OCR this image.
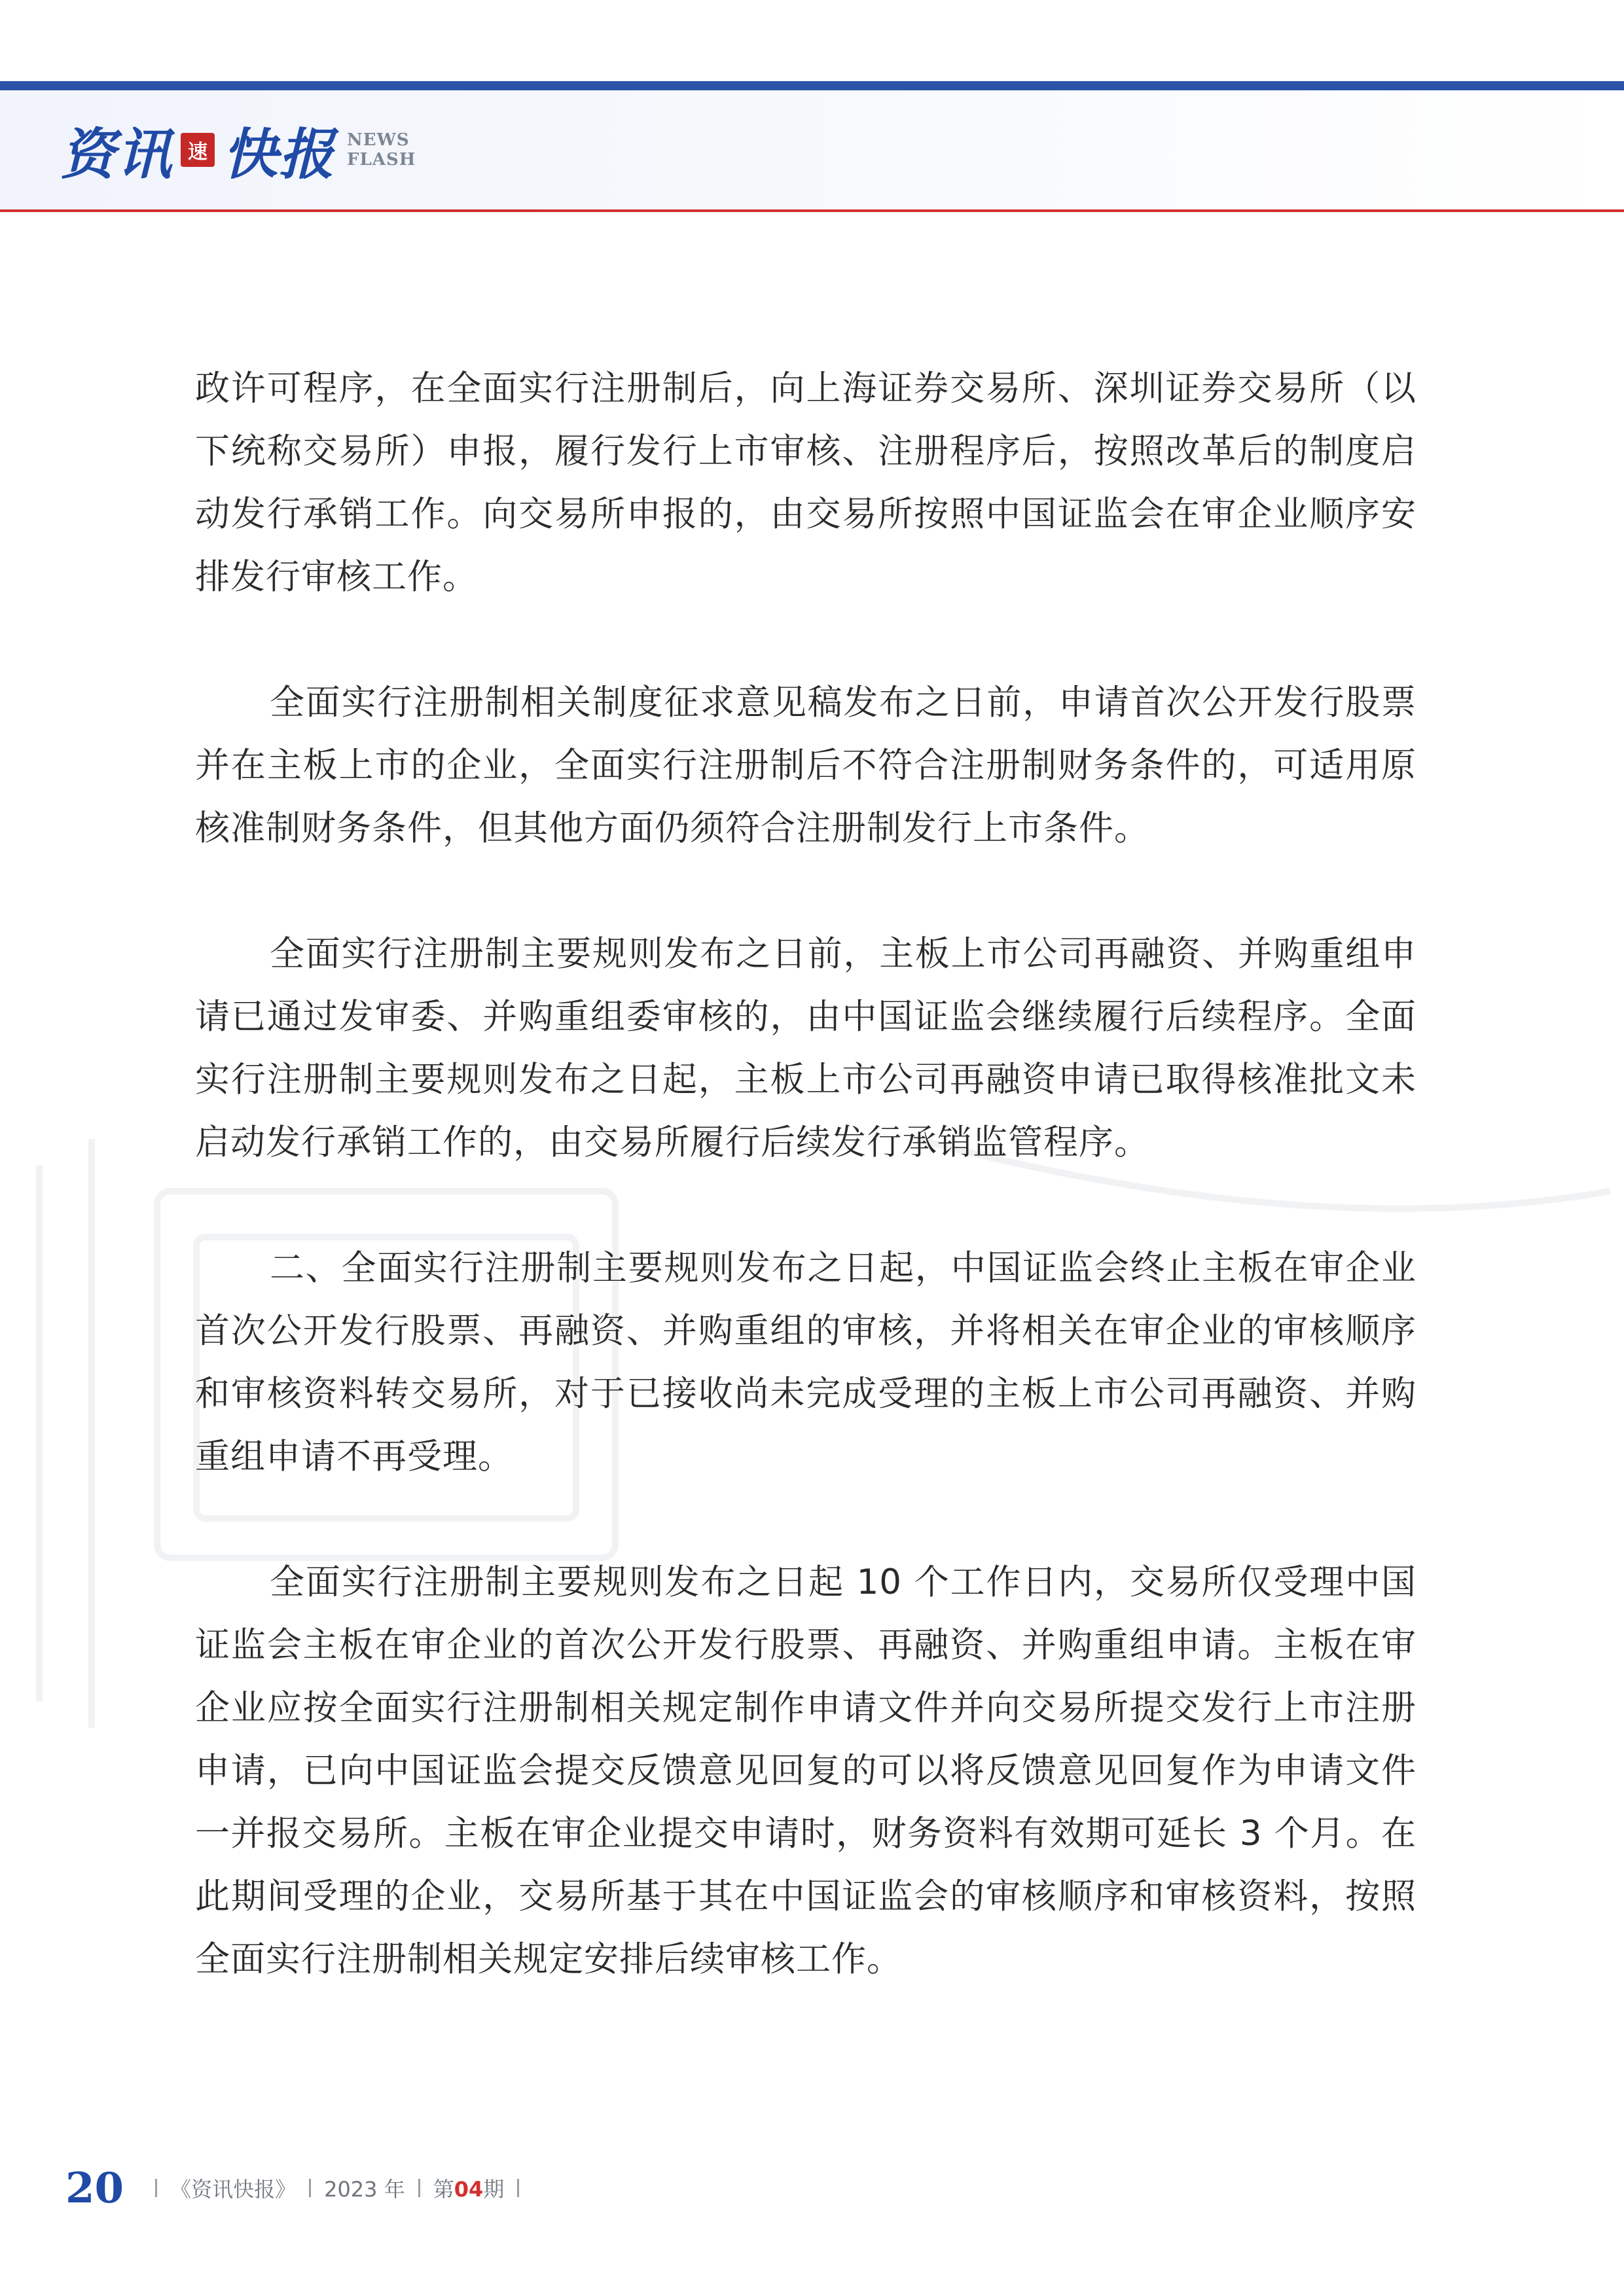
资讯 速 快报 NEWS
FLASH

政许可程序，在全面实行注册制后，向上海证券交易所、深圳证券交易所（以下统称交易所）申报，履行发行上市审核、注册程序后，按照改革后的制度启动发行承销工作。向交易所申报的，由交易所按照中国证监会在审企业顺序安排发行审核工作。

全面实行注册制相关制度征求意见稿发布之日前，申请首次公开发行股票并在主板上市的企业，全面实行注册制后不符合注册制财务条件的，可适用原核准制财务条件，但其他方面仍须符合注册制发行上市条件。

全面实行注册制主要规则发布之日前，主板上市公司再融资、并购重组申请已通过发审委、并购重组委审核的，由中国证监会继续履行后续程序。全面实行注册制主要规则发布之日起，主板上市公司再融资申请已取得核准批文未启动发行承销工作的，由交易所履行后续发行承销监管程序。

二、全面实行注册制主要规则发布之日起，中国证监会终止主板在审企业首次公开发行股票、再融资、并购重组的审核，并将相关在审企业的审核顺序和审核资料转交易所，对于已接收尚未完成受理的主板上市公司再融资、并购重组申请不再受理。

全面实行注册制主要规则发布之日起 10 个工作日内，交易所仅受理中国证监会主板在审企业的首次公开发行股票、再融资、并购重组申请。主板在审企业应按全面实行注册制相关规定制作申请文件并向交易所提交发行上市注册申请，已向中国证监会提交反馈意见回复的可以将反馈意见回复作为申请文件一并报交易所。主板在审企业提交申请时，财务资料有效期可延长 3 个月。在此期间受理的企业，交易所基于其在中国证监会的审核顺序和审核资料，按照全面实行注册制相关规定安排后续审核工作。

20 《资讯快报》 2023 年 第04期
